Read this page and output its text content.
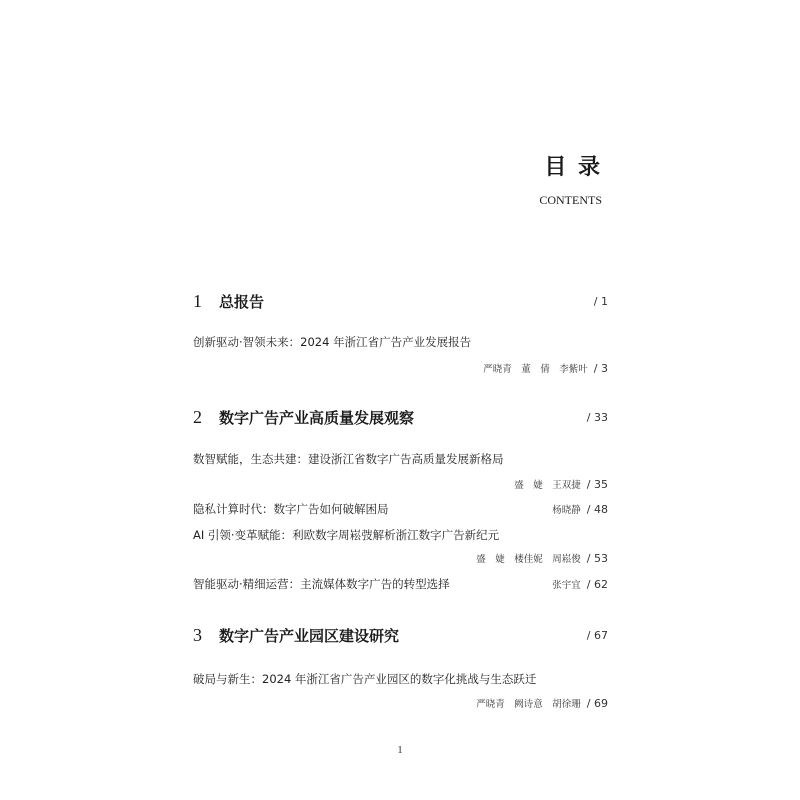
目 录
CONTENTS
1	总报告	/ 1
创新驱动·智领未来：2024 年浙江省广告产业发展报告
严晓青　董　倩　李紫叶 / 3
2	数字广告产业高质量发展观察	/ 33
数智赋能，生态共建：建设浙江省数字广告高质量发展新格局
盛　婕　王双捷 / 35
隐私计算时代：数字广告如何破解困局	杨晓静 / 48
AI 引领·变革赋能：利欧数字周崧弢解析浙江数字广告新纪元
盛　婕　楼佳妮　周崧俊 / 53
智能驱动·精细运营：主流媒体数字广告的转型选择	张宇宜 / 62
3	数字广告产业园区建设研究	/ 67
破局与新生：2024 年浙江省广告产业园区的数字化挑战与生态跃迁
严晓青　阙诗意　胡徐珊 / 69
1
